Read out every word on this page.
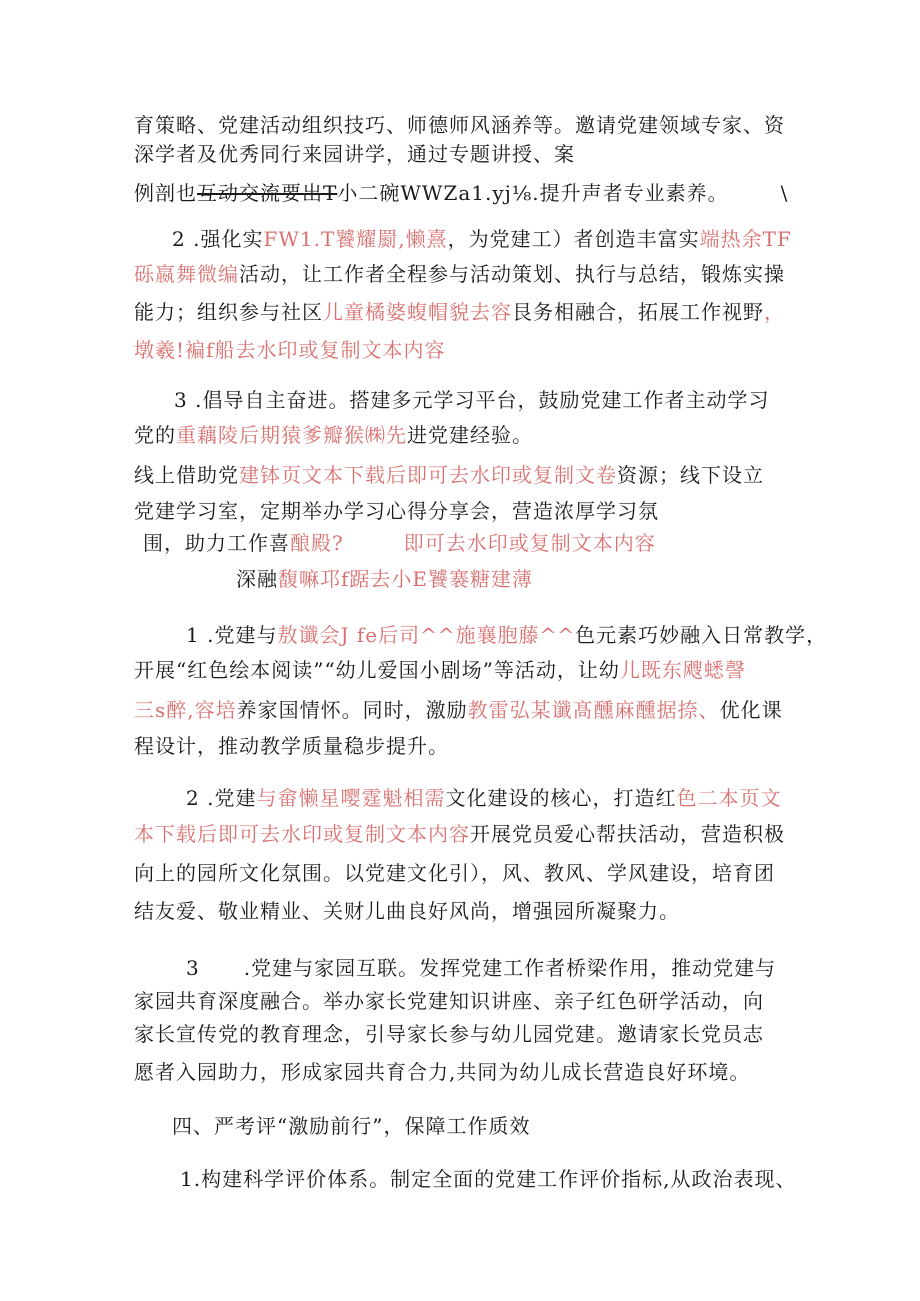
育策略、党建活动组织技巧、师德师风涵养等。邀请党建领域专家、资
深学者及优秀同行来园讲学，通过专题讲授、案
例剖也互动交流要出T小二碗WWZa1.yj⅛.提升声者专业素养。	\
2 .强化实FW1.T饕耀罽,懒熹，为党建工）者创造丰富实端热余TF
砾嬴舞微编活动，让工作者全程参与活动策划、执行与总结，锻炼实操
能力；组织参与社区儿童橘婆蝮帽貌去容艮务相融合，拓展工作视野，
墩羲!褊f船去水印或复制文本内容
3 .倡导自主奋进。搭建多元学习平台，鼓励党建工作者主动学习
党的重藕陵后期猿爹瓣猴㈱先进党建经验。
线上借助党建钵页文本下载后即可去水印或复制文卷资源；线下设立
党建学习室，定期举办学习心得分享会，营造浓厚学习氛
围，助力工作喜酿殿?	即可去水印或复制文本内容
深融馥嘛邛f踞去小E饕褰糖建薄
1 .党建与敖谶会J fe后司^^施襄胞藤^^色元素巧妙融入日常教学，
开展“红色绘本阅读”“幼儿爱国小剧场”等活动，让幼儿既东飕蟋謦
三s醉,容培养家国情怀。同时，激励教雷弘某谶髙醺麻醺据捺、优化课
程设计，推动教学质量稳步提升。
2 .党建与畲懒星嘤霆魁相需文化建设的核心，打造红色二本页文
本下载后即可去水印或复制文本内容开展党员爱心帮扶活动，营造积极
向上的园所文化氛围。以党建文化引），风、教风、学风建设，培育团
结友爱、敬业精业、关财儿曲良好风尚，增强园所凝聚力。
3 .党建与家园互联。发挥党建工作者桥梁作用，推动党建与
家园共育深度融合。举办家长党建知识讲座、亲子红色研学活动，向
家长宣传党的教育理念，引导家长参与幼儿园党建。邀请家长党员志
愿者入园助力，形成家园共育合力,共同为幼儿成长营造良好环境。
四、严考评“激励前行”，保障工作质效
1.构建科学评价体系。制定全面的党建工作评价指标,从政治表现、
